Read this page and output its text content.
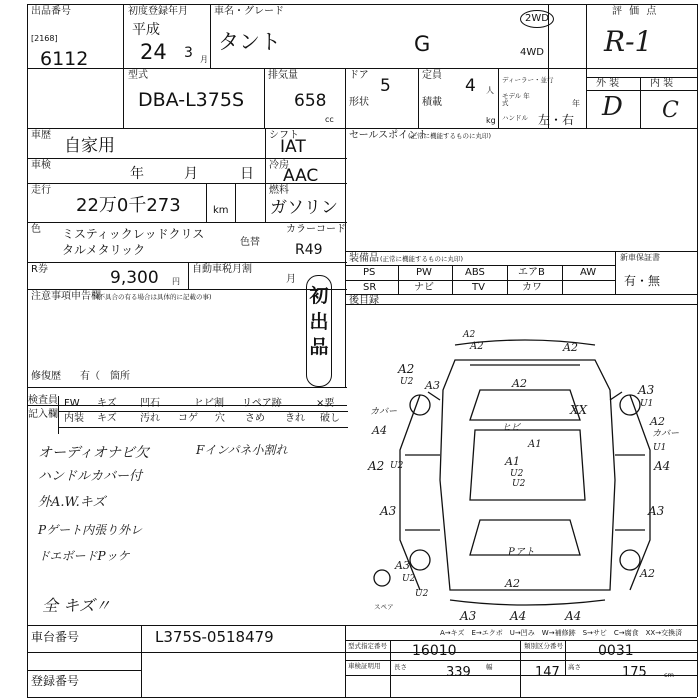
出品番号
[2168]
6112
初度登録年月
平成
24 3 月
車名・グレード
タント	G
2WD
4WD
評 価 点
R-1
型式
DBA-L375S
排気量
658
cc
ドア
5
形状
定員
4 人
積載
kg
ディーラー・並行
モデル 年式	年
ハンドル 左・右
外 装	内 装
D C
車歴
自家用
シフト
IAT
車検
年	月	日
冷房
AAC
走行
22万0千273	km
燃料
ガソリン
色 ミスティックレッドクリス
タルメタリック
色替
カラーコード
R49
R券	9,300 円
自動車税月割
月
注意事項申告欄
(不具合の有る場合は具体的に記載の事)	初出品
修復歴 有（ 箇所
検査員
記入欄
FW キズ 凹石	ヒビ割 リペア跡	×要
内装 キズ 汚れ コゲ 穴 さめ きれ 破し
オーディオナビ欠	Fインパネ小割れ
ハンドルカバー付
外A.W.キズ
Pゲート内張り外レ
ドエボードPッケ
全 キズ〃
セールスポイント
(正常に機能するものに丸印)
装備品 (正常に機能するものに丸印)	新車保証書
有・無
PS	PW	ABS	エアB	AW
SR	ナビ	TV	カワ
後目録
A2
A2	A2
A2
A3
U2	A2	A3
U1
A1
U2
A2 U2
A3
U1
A2
A4
A4
A3
U2
A3
A2
XX
A4	A4
A2
A3
U2
A1
U2
ヒビ
Pアト
カバー
カバー
スペア
A→キズ　E→エクボ　U→凹み　W→補修跡　S→サビ　C→腐食　XX→交換済
車台番号	L375S-0518479
登録番号
型式指定番号 16010	類別区分番号	0031
車検証明用 長さ	339 幅	147 高さ	175	cm
